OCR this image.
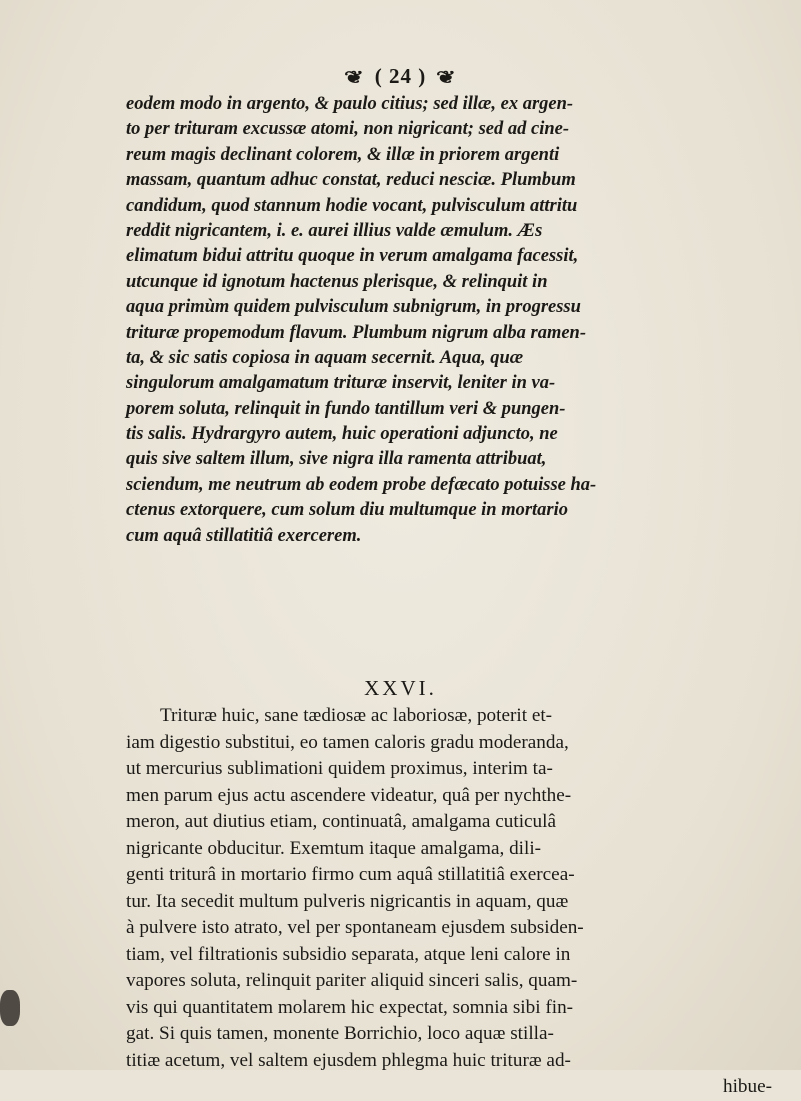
❦ ( 24 ) ❦
eodem modo in argento, & paulo citius; sed illæ, ex argen-
to per trituram excussæ atomi, non nigricant; sed ad cine-
reum magis declinant colorem, & illæ in priorem argenti
massam, quantum adhuc constat, reduci nesciæ. Plumbum
candidum, quod stannum hodie vocant, pulvisculum attritu
reddit nigricantem, i. e. aurei illius valde æmulum. Æs
elimatum bidui attritu quoque in verum amalgama facessit,
utcunque id ignotum hactenus plerisque, & relinquit in
aqua primùm quidem pulvisculum subnigrum, in progressu
trituræ propemodum flavum. Plumbum nigrum alba ramen-
ta, & sic satis copiosa in aquam secernit. Aqua, quæ
singulorum amalgamatum trituræ inservit, leniter in va-
porem soluta, relinquit in fundo tantillum veri & pungen-
tis salis. Hydrargyro autem, huic operationi adjuncto, ne
quis sive saltem illum, sive nigra illa ramenta attribuat,
sciendum, me neutrum ab eodem probe defæcato potuisse ha-
ctenus extorquere, cum solum diu multumque in mortario
cum aquâ stillatitiâ exercerem.
XXVI.
Trituræ huic, sane tædiosæ ac laboriosæ, poterit et-
iam digestio substitui, eo tamen caloris gradu moderanda,
ut mercurius sublimationi quidem proximus, interim ta-
men parum ejus actu ascendere videatur, quâ per nychthe-
meron, aut diutius etiam, continuatâ, amalgama cuticulâ
nigricante obducitur. Exemtum itaque amalgama, dili-
genti triturâ in mortario firmo cum aquâ stillatitiâ exercea-
tur. Ita secedit multum pulveris nigricantis in aquam, quæ
à pulvere isto atrato, vel per spontaneam ejusdem subsiden-
tiam, vel filtrationis subsidio separata, atque leni calore in
vapores soluta, relinquit pariter aliquid sinceri salis, quam-
vis qui quantitatem molarem hic expectat, somnia sibi fin-
gat. Si quis tamen, monente Borrichio, loco aquæ stilla-
titiæ acetum, vel saltem ejusdem phlegma huic trituræ ad-
hibue-
